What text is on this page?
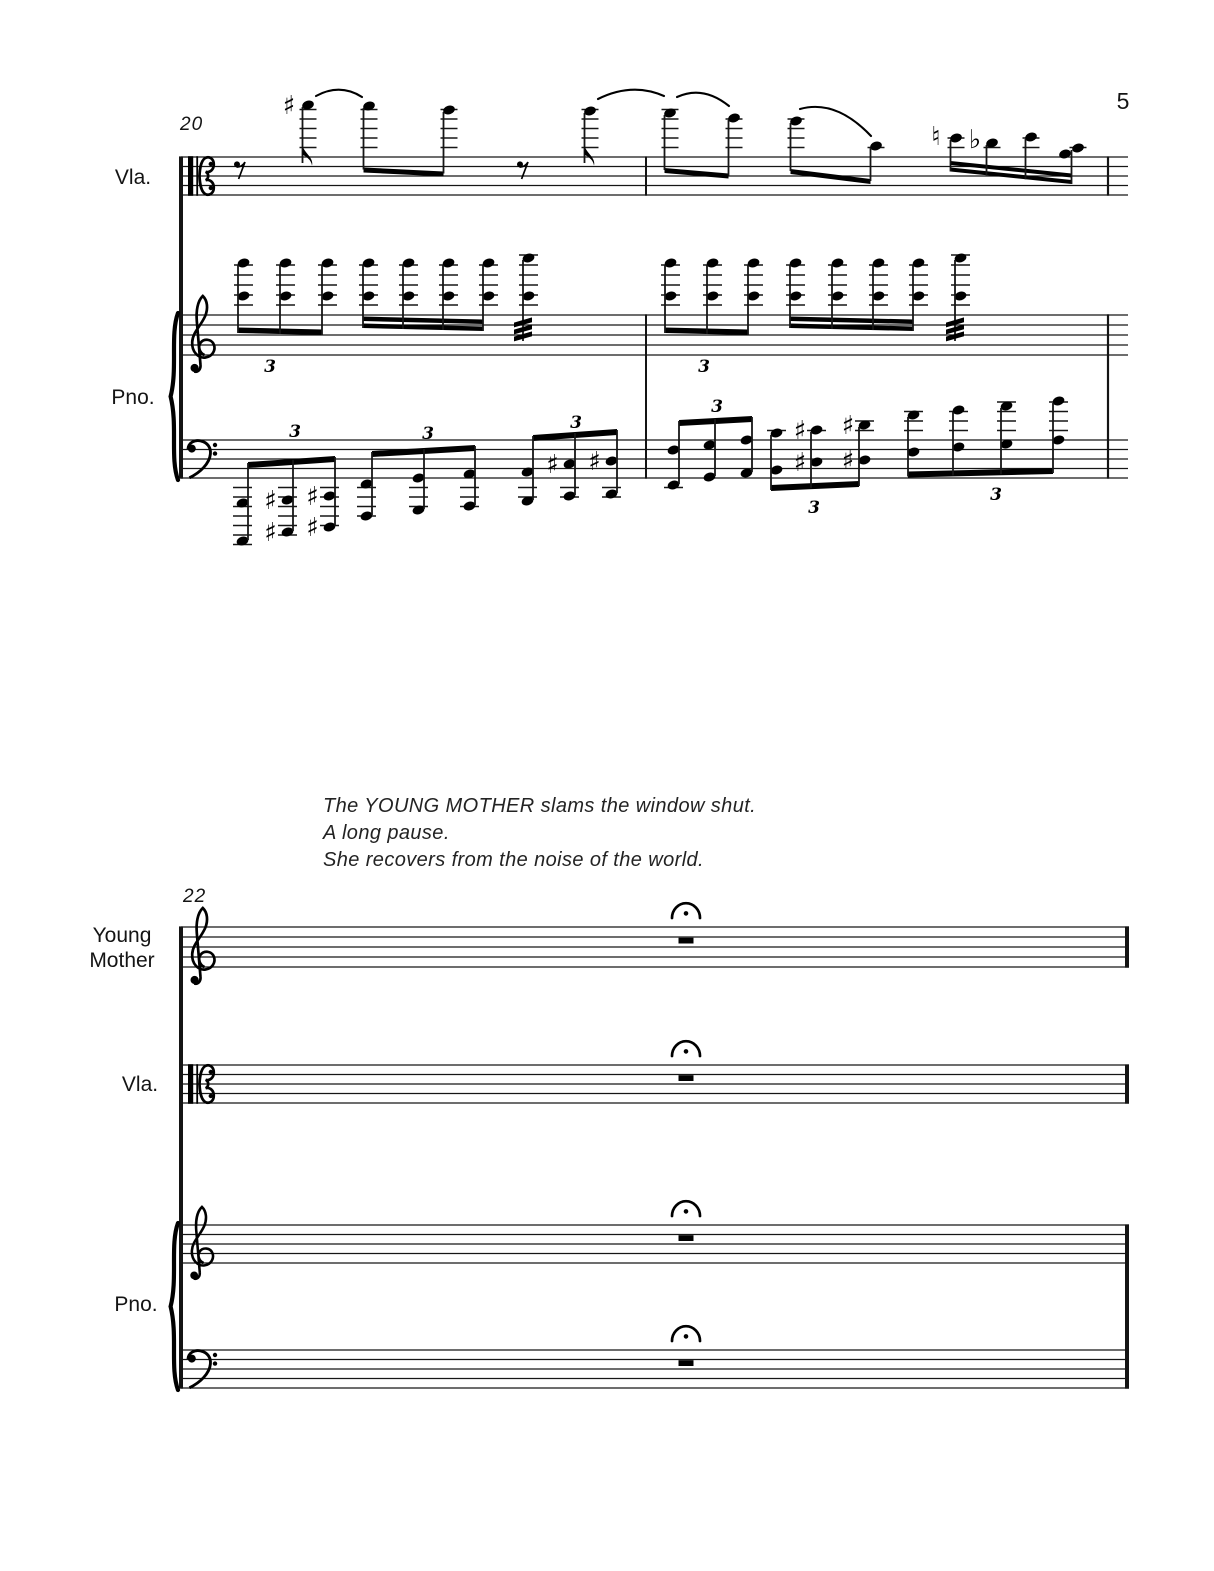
5
The YOUNG MOTHER slams the window shut.
A long pause.
She recovers from the noise of the world.
20
Vla.
Pno.
♯
♮ ♭
3	3
♯
♯
♯
♯
3	3
♯ ♯
3
3
♯
♯
♯
♯
3
3
22
Young
Mother
Vla.
Pno.
